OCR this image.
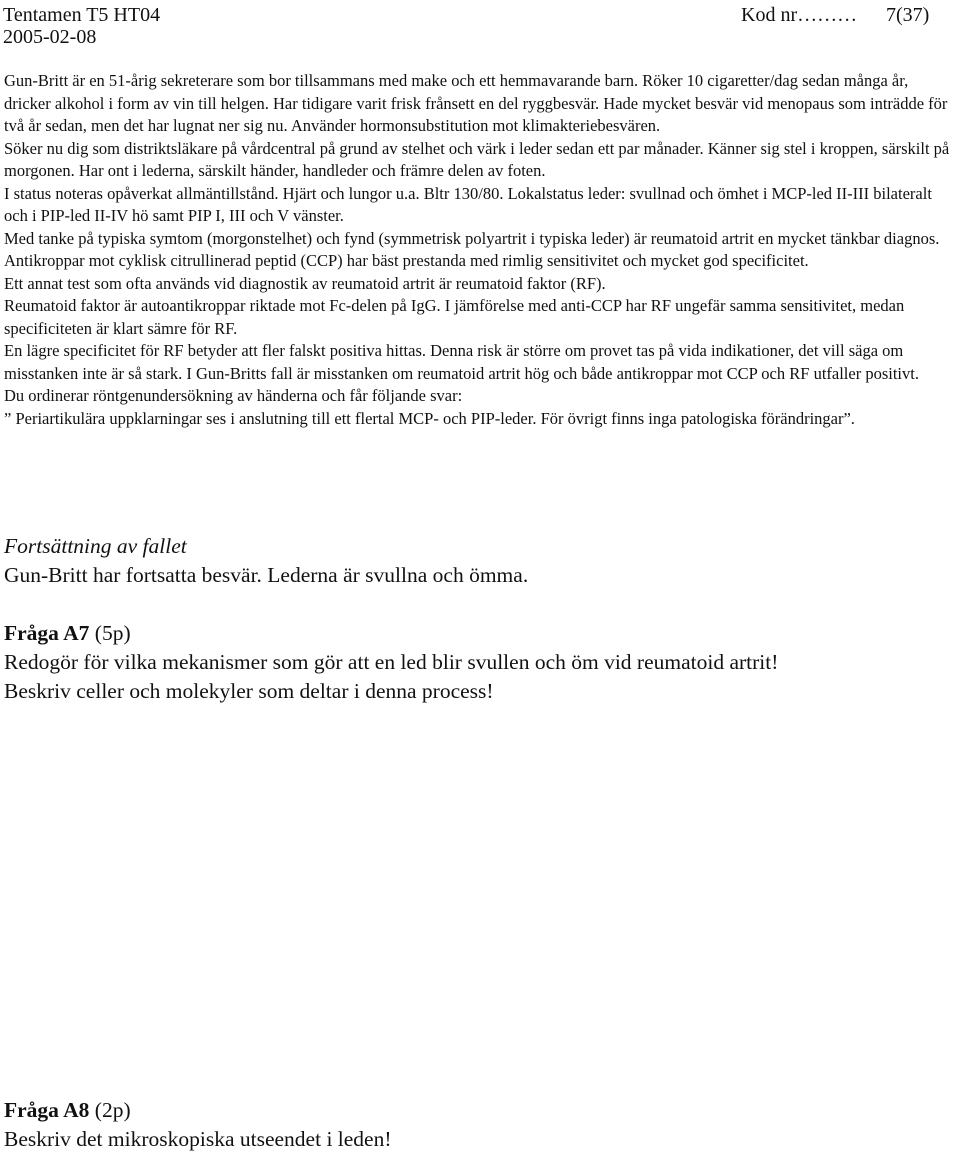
Tentamen T5 HT04
2005-02-08
Kod nr……… 7(37)

Gun-Britt är en 51-årig sekreterare som bor tillsammans med make och ett hemmavarande barn. Röker 10 cigaretter/dag sedan många år, dricker alkohol i form av vin till helgen. Har tidigare varit frisk frånsett en del ryggbesvär. Hade mycket besvär vid menopaus som inträdde för två år sedan, men det har lugnat ner sig nu. Använder hormonsubstitution mot klimakteriebesvären.

Söker nu dig som distriktsläkare på vårdcentral på grund av stelhet och värk i leder sedan ett par månader. Känner sig stel i kroppen, särskilt på morgonen. Har ont i lederna, särskilt händer, handleder och främre delen av foten.

I status noteras opåverkat allmäntillstånd. Hjärt och lungor u.a. Bltr 130/80. Lokalstatus leder: svullnad och ömhet i MCP-led II-III bilateralt och i PIP-led II-IV hö samt PIP I, III och V vänster.

Med tanke på typiska symtom (morgonstelhet) och fynd (symmetrisk polyartrit i typiska leder) är reumatoid artrit en mycket tänkbar diagnos.

Antikroppar mot cyklisk citrullinerad peptid (CCP) har bäst prestanda med rimlig sensitivitet och mycket god specificitet.

Ett annat test som ofta används vid diagnostik av reumatoid artrit är reumatoid faktor (RF).

Reumatoid faktor är autoantikroppar riktade mot Fc-delen på IgG. I jämförelse med anti-CCP har RF ungefär samma sensitivitet, medan specificiteten är klart sämre för RF.

En lägre specificitet för RF betyder att fler falskt positiva hittas. Denna risk är större om provet tas på vida indikationer, det vill säga om misstanken inte är så stark. I Gun-Britts fall är misstanken om reumatoid artrit hög och både antikroppar mot CCP och RF utfaller positivt.

Du ordinerar röntgenundersökning av händerna och får följande svar:

” Periartikulära uppklarningar ses i anslutning till ett flertal MCP- och PIP-leder. För övrigt finns inga patologiska förändringar”.

Fortsättning av fallet

Gun-Britt har fortsatta besvär. Lederna är svullna och ömma.

Fråga A7 (5p)

Redogör för vilka mekanismer som gör att en led blir svullen och öm vid reumatoid artrit!

Beskriv celler och molekyler som deltar i denna process!

Fråga A8 (2p)

Beskriv det mikroskopiska utseendet i leden!
